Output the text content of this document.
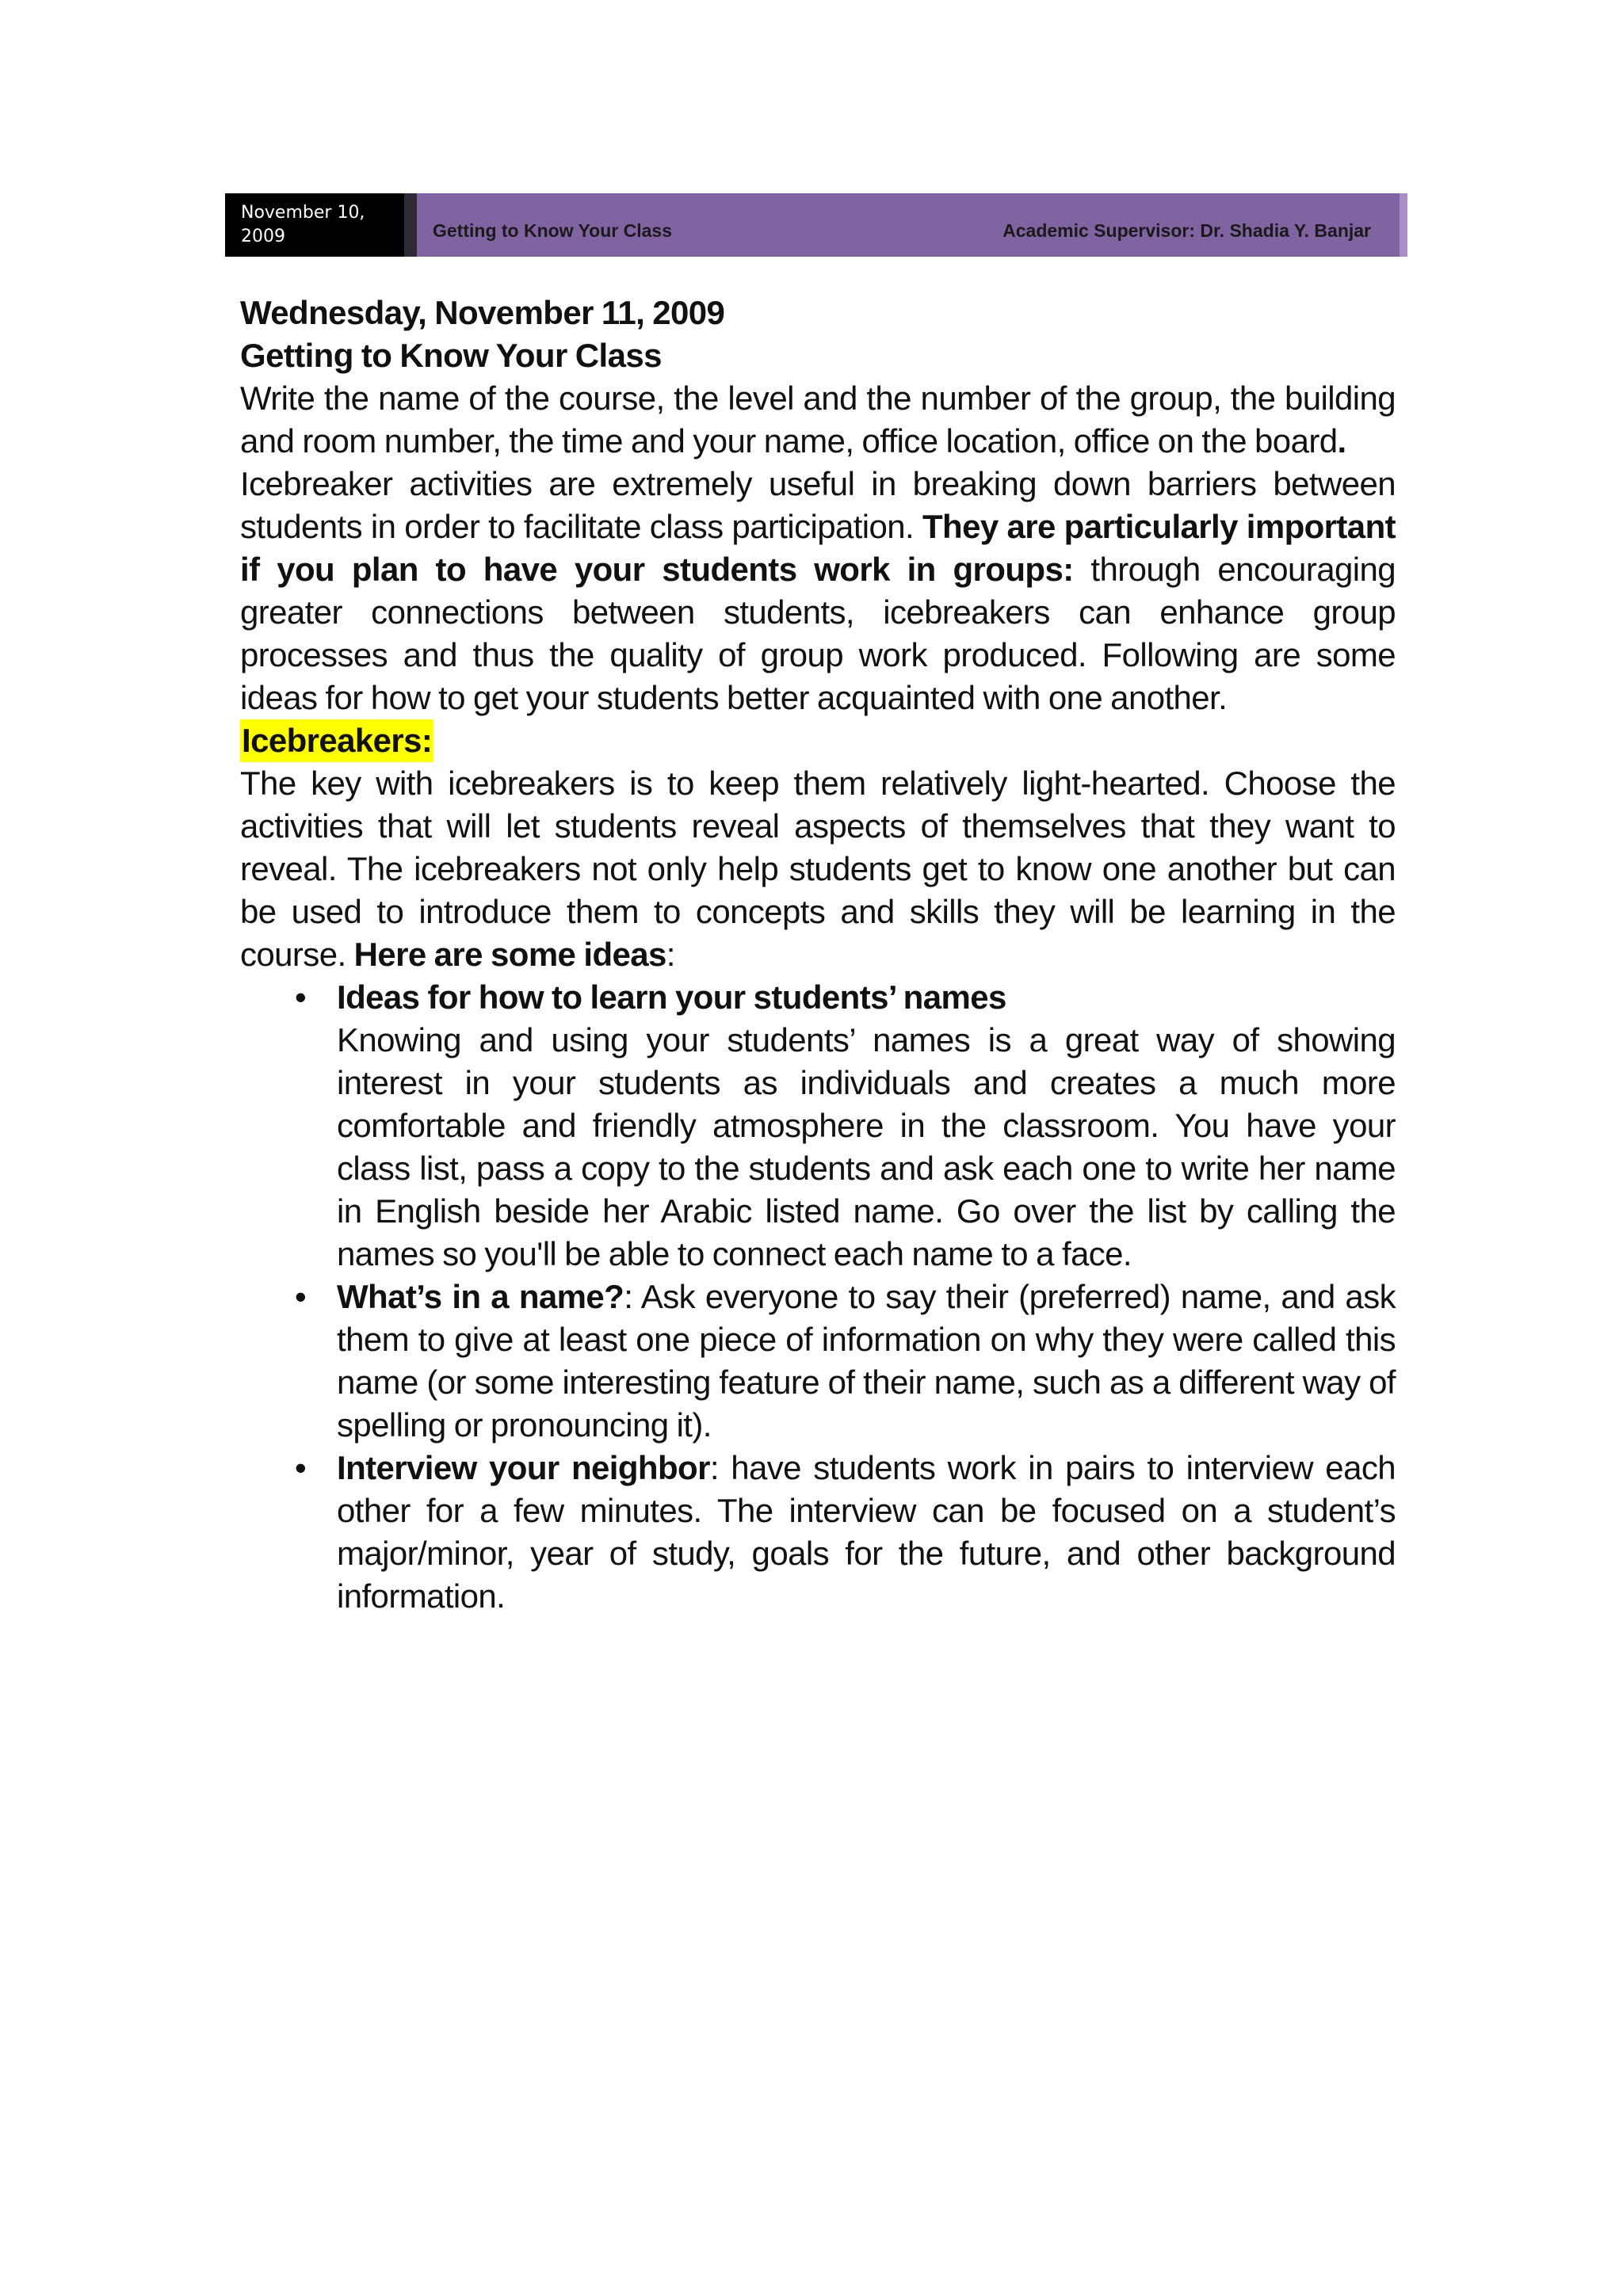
November 10,
2009	Getting to Know Your Class	Academic Supervisor: Dr. Shadia Y. Banjar
Wednesday, November 11, 2009
Getting to Know Your Class

Write the name of the course, the level and the number of the group, the building and room number, the time and your name, office location, office on the board.

Icebreaker activities are extremely useful in breaking down barriers between students in order to facilitate class participation. They are particularly important if you plan to have your students work in groups: through encouraging greater connections between students, icebreakers can enhance group processes and thus the quality of group work produced. Following are some ideas for how to get your students better acquainted with one another.

Icebreakers:

The key with icebreakers is to keep them relatively light-hearted. Choose the activities that will let students reveal aspects of themselves that they want to reveal. The icebreakers not only help students get to know one another but can be used to introduce them to concepts and skills they will be learning in the course. Here are some ideas:

• Ideas for how to learn your students’ names
Knowing and using your students’ names is a great way of showing interest in your students as individuals and creates a much more comfortable and friendly atmosphere in the classroom. You have your class list, pass a copy to the students and ask each one to write her name in English beside her Arabic listed name. Go over the list by calling the names so you'll be able to connect each name to a face.
• What’s in a name?: Ask everyone to say their (preferred) name, and ask them to give at least one piece of information on why they were called this name (or some interesting feature of their name, such as a different way of spelling or pronouncing it).
• Interview your neighbor: have students work in pairs to interview each other for a few minutes. The interview can be focused on a student’s major/minor, year of study, goals for the future, and other background information.
